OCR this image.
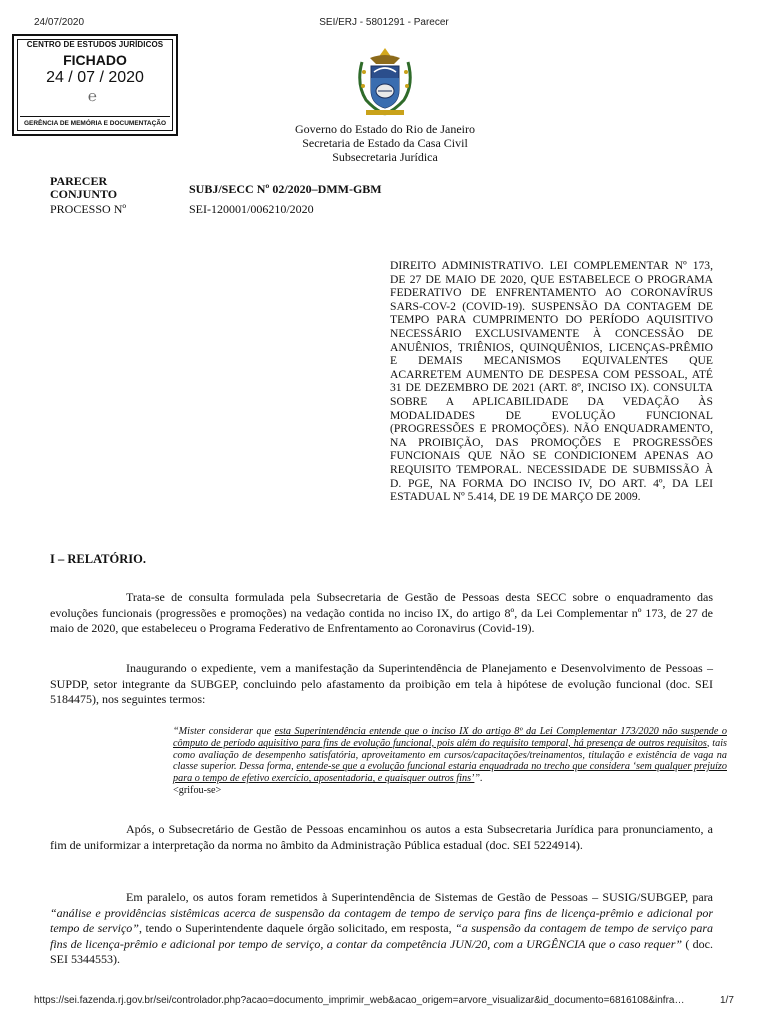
24/07/2020	SEI/ERJ - 5801291 - Parecer
CENTRO DE ESTUDOS JURÍDICOS
FICHADO
24 / 07 / 2020
℮
GERÊNCIA DE MEMÓRIA E DOCUMENTAÇÃO	Governo do Estado do Rio de Janeiro
Secretaria de Estado da Casa Civil
Subsecretaria Jurídica
PARECER
CONJUNTO	SUBJ/SECC Nº 02/2020–DMM-GBM
PROCESSO Nº	SEI-120001/006210/2020
DIREITO ADMINISTRATIVO. LEI COMPLEMENTAR Nº 173, DE 27 DE MAIO DE 2020, QUE ESTABELECE O PROGRAMA FEDERATIVO DE ENFRENTAMENTO AO CORONAVÍRUS SARS-COV-2 (COVID-19). SUSPENSÃO DA CONTAGEM DE TEMPO PARA CUMPRIMENTO DO PERÍODO AQUISITIVO NECESSÁRIO EXCLUSIVAMENTE À CONCESSÃO DE ANUÊNIOS, TRIÊNIOS, QUINQUÊNIOS, LICENÇAS-PRÊMIO E DEMAIS MECANISMOS EQUIVALENTES QUE ACARRETEM AUMENTO DE DESPESA COM PESSOAL, ATÉ 31 DE DEZEMBRO DE 2021 (ART. 8º, INCISO IX). CONSULTA SOBRE A APLICABILIDADE DA VEDAÇÃO ÀS MODALIDADES DE EVOLUÇÃO FUNCIONAL (PROGRESSÕES E PROMOÇÕES). NÃO ENQUADRAMENTO, NA PROIBIÇÃO, DAS PROMOÇÕES E PROGRESSÕES FUNCIONAIS QUE NÃO SE CONDICIONEM APENAS AO REQUISITO TEMPORAL. NECESSIDADE DE SUBMISSÃO À D. PGE, NA FORMA DO INCISO IV, DO ART. 4º, DA LEI ESTADUAL Nº 5.414, DE 19 DE MARÇO DE 2009.
I – RELATÓRIO.
Trata-se de consulta formulada pela Subsecretaria de Gestão de Pessoas desta SECC sobre o enquadramento das evoluções funcionais (progressões e promoções) na vedação contida no inciso IX, do artigo 8º, da Lei Complementar nº 173, de 27 de maio de 2020, que estabeleceu o Programa Federativo de Enfrentamento ao Coronavirus (Covid-19).
Inaugurando o expediente, vem a manifestação da Superintendência de Planejamento e Desenvolvimento de Pessoas – SUPDP, setor integrante da SUBGEP, concluindo pelo afastamento da proibição em tela à hipótese de evolução funcional (doc. SEI 5184475), nos seguintes termos:
“Mister considerar que esta Superintendência entende que o inciso IX do artigo 8º da Lei Complementar 173/2020 não suspende o cômputo de período aquisitivo para fins de evolução funcional, pois além do requisito temporal, há presença de outros requisitos, tais como avaliação de desempenho satisfatória, aproveitamento em cursos/capacitações/treinamentos, titulação e existência de vaga na classe superior. Dessa forma, entende-se que a evolução funcional estaria enquadrada no trecho que considera ‘sem qualquer prejuízo para o tempo de efetivo exercício, aposentadoria, e quaisquer outros fins’”.
<grifou-se>
Após, o Subsecretário de Gestão de Pessoas encaminhou os autos a esta Subsecretaria Jurídica para pronunciamento, a fim de uniformizar a interpretação da norma no âmbito da Administração Pública estadual (doc. SEI 5224914).
Em paralelo, os autos foram remetidos à Superintendência de Sistemas de Gestão de Pessoas – SUSIG/SUBGEP, para “análise e providências sistêmicas acerca de suspensão da contagem de tempo de serviço para fins de licença-prêmio e adicional por tempo de serviço”, tendo o Superintendente daquele órgão solicitado, em resposta, “a suspensão da contagem de tempo de serviço para fins de licença-prêmio e adicional por tempo de serviço, a contar da competência JUN/20, com a URGÊNCIA que o caso requer” ( doc. SEI 5344553).
https://sei.fazenda.rj.gov.br/sei/controlador.php?acao=documento_imprimir_web&acao_origem=arvore_visualizar&id_documento=6816108&infra…	1/7
